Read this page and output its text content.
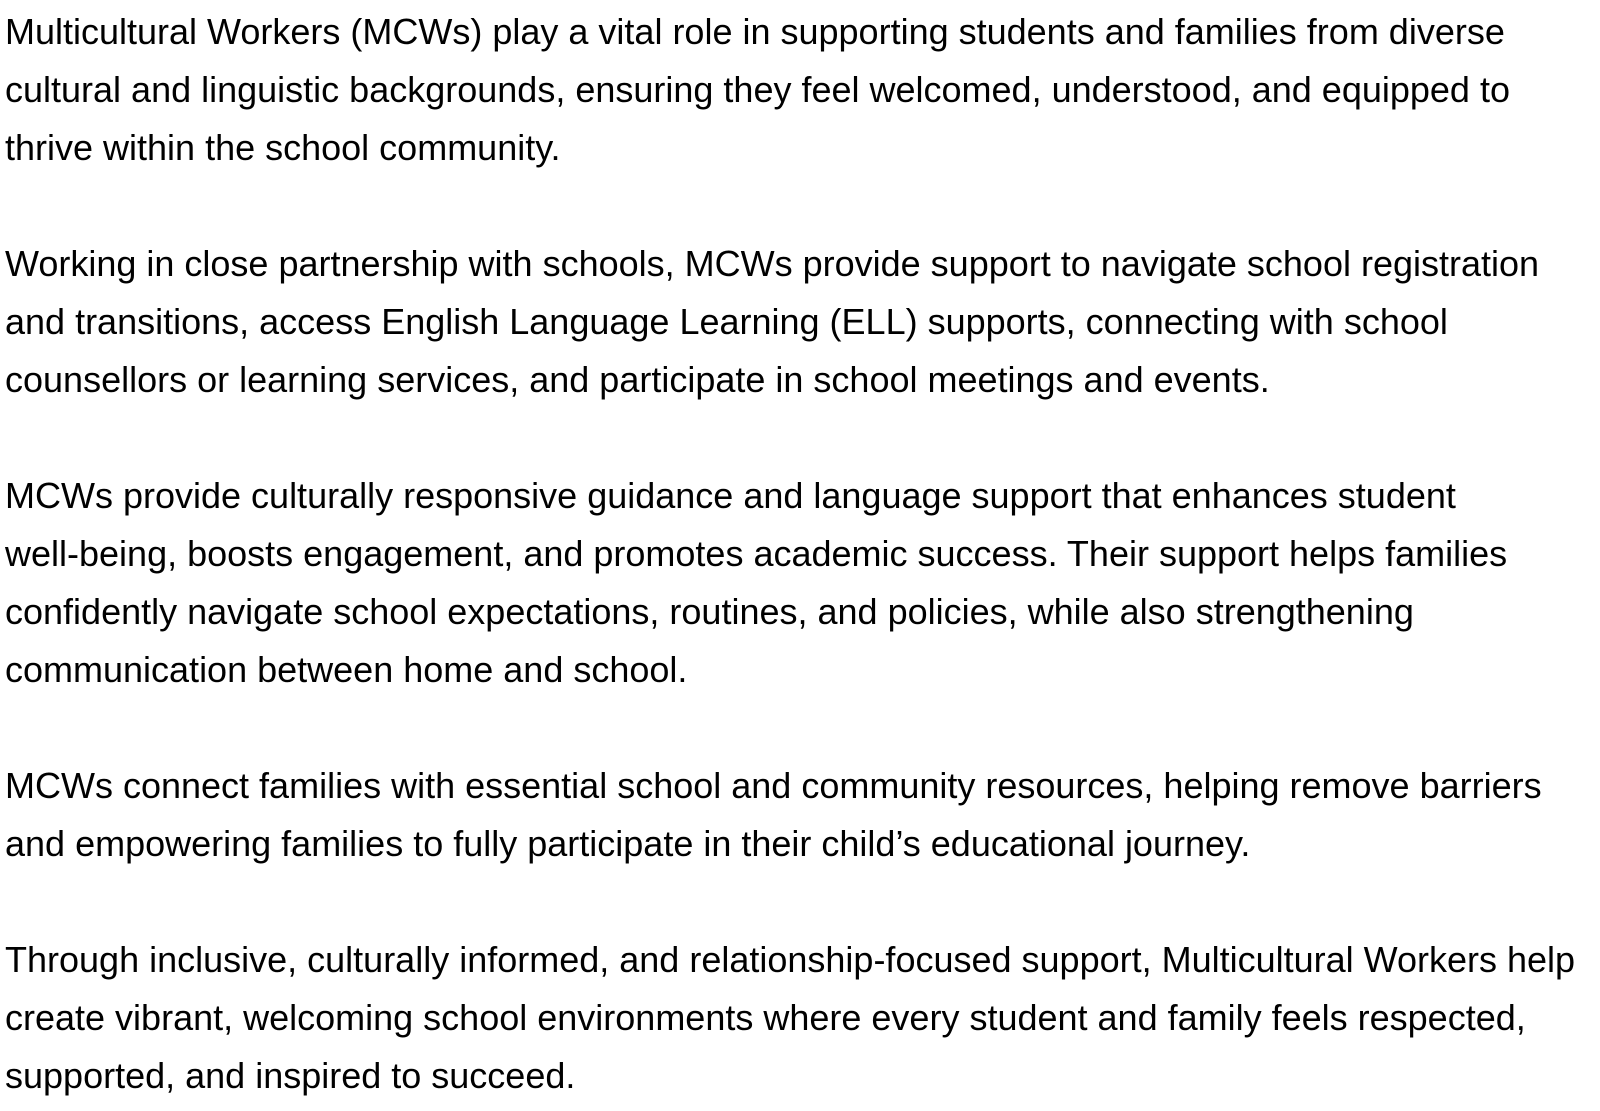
Multicultural Workers (MCWs) play a vital role in supporting students and families from diverse
cultural and linguistic backgrounds, ensuring they feel welcomed, understood, and equipped to
thrive within the school community.

Working in close partnership with schools, MCWs provide support to navigate school registration
and transitions, access English Language Learning (ELL) supports, connecting with school
counsellors or learning services, and participate in school meetings and events.

MCWs provide culturally responsive guidance and language support that enhances student
well-being, boosts engagement, and promotes academic success. Their support helps families
confidently navigate school expectations, routines, and policies, while also strengthening
communication between home and school.

MCWs connect families with essential school and community resources, helping remove barriers
and empowering families to fully participate in their child’s educational journey.

Through inclusive, culturally informed, and relationship-focused support, Multicultural Workers help
create vibrant, welcoming school environments where every student and family feels respected,
supported, and inspired to succeed.
